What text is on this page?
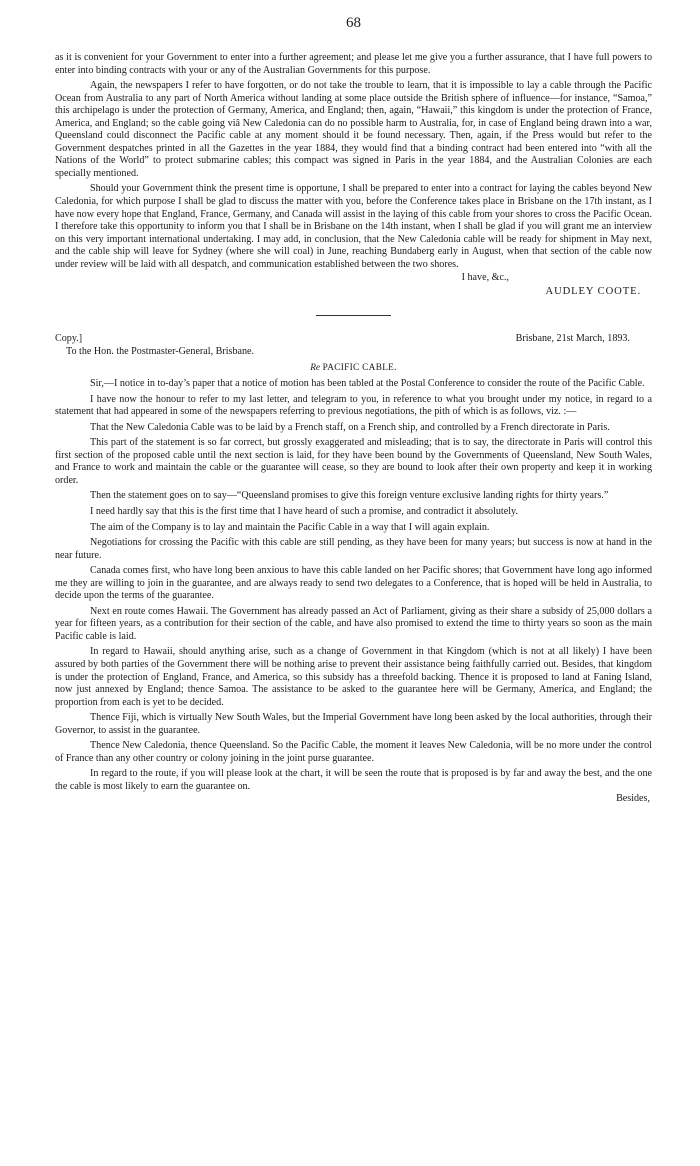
68

as it is convenient for your Government to enter into a further agreement; and please let me give you a further assurance, that I have full powers to enter into binding contracts with your or any of the Australian Governments for this purpose.

Again, the newspapers I refer to have forgotten, or do not take the trouble to learn, that it is impossible to lay a cable through the Pacific Ocean from Australia to any part of North America without landing at some place outside the British sphere of influence—for instance, “Samoa,” this archipelago is under the protection of Germany, America, and England; then, again, “Hawaii,” this kingdom is under the protection of France, America, and England; so the cable going viâ New Caledonia can do no possible harm to Australia, for, in case of England being drawn into a war, Queensland could disconnect the Pacific cable at any moment should it be found necessary. Then, again, if the Press would but refer to the Government despatches printed in all the Gazettes in the year 1884, they would find that a binding contract had been entered into “with all the Nations of the World” to protect submarine cables; this compact was signed in Paris in the year 1884, and the Australian Colonies are each specially mentioned.

Should your Government think the present time is opportune, I shall be prepared to enter into a contract for laying the cables beyond New Caledonia, for which purpose I shall be glad to discuss the matter with you, before the Conference takes place in Brisbane on the 17th instant, as I have now every hope that England, France, Germany, and Canada will assist in the laying of this cable from your shores to cross the Pacific Ocean. I therefore take this opportunity to inform you that I shall be in Brisbane on the 14th instant, when I shall be glad if you will grant me an interview on this very important international undertaking. I may add, in conclusion, that the New Caledonia cable will be ready for shipment in May next, and the cable ship will leave for Sydney (where she will coal) in June, reaching Bundaberg early in August, when that section of the cable now under review will be laid with all despatch, and communication established between the two shores.

I have, &c.,

AUDLEY COOTE.

Copy.]	Brisbane, 21st March, 1893.

To the Hon. the Postmaster-General, Brisbane.

Re PACIFIC CABLE.

Sir,—I notice in to-day’s paper that a notice of motion has been tabled at the Postal Conference to consider the route of the Pacific Cable.

I have now the honour to refer to my last letter, and telegram to you, in reference to what you brought under my notice, in regard to a statement that had appeared in some of the newspapers referring to previous negotiations, the pith of which is as follows, viz. :—

That the New Caledonia Cable was to be laid by a French staff, on a French ship, and controlled by a French directorate in Paris.

This part of the statement is so far correct, but grossly exaggerated and misleading; that is to say, the directorate in Paris will control this first section of the proposed cable until the next section is laid, for they have been bound by the Governments of Queensland, New South Wales, and France to work and maintain the cable or the guarantee will cease, so they are bound to look after their own property and keep it in working order.

Then the statement goes on to say—“Queensland promises to give this foreign venture exclusive landing rights for thirty years.”

I need hardly say that this is the first time that I have heard of such a promise, and contradict it absolutely.

The aim of the Company is to lay and maintain the Pacific Cable in a way that I will again explain.

Negotiations for crossing the Pacific with this cable are still pending, as they have been for many years; but success is now at hand in the near future.

Canada comes first, who have long been anxious to have this cable landed on her Pacific shores; that Government have long ago informed me they are willing to join in the guarantee, and are always ready to send two delegates to a Conference, that is hoped will be held in Australia, to decide upon the terms of the guarantee.

Next en route comes Hawaii. The Government has already passed an Act of Parliament, giving as their share a subsidy of 25,000 dollars a year for fifteen years, as a contribution for their section of the cable, and have also promised to extend the time to thirty years so soon as the main Pacific cable is laid.

In regard to Hawaii, should anything arise, such as a change of Government in that Kingdom (which is not at all likely) I have been assured by both parties of the Government there will be nothing arise to prevent their assistance being faithfully carried out. Besides, that kingdom is under the protection of England, France, and America, so this subsidy has a threefold backing. Thence it is proposed to land at Faning Island, now just annexed by England; thence Samoa. The assistance to be asked to the guarantee here will be Germany, America, and England; the proportion from each is yet to be decided.

Thence Fiji, which is virtually New South Wales, but the Imperial Government have long been asked by the local authorities, through their Governor, to assist in the guarantee.

Thence New Caledonia, thence Queensland. So the Pacific Cable, the moment it leaves New Caledonia, will be no more under the control of France than any other country or colony joining in the joint purse guarantee.

In regard to the route, if you will please look at the chart, it will be seen the route that is proposed is by far and away the best, and the one the cable is most likely to earn the guarantee on.

Besides,
